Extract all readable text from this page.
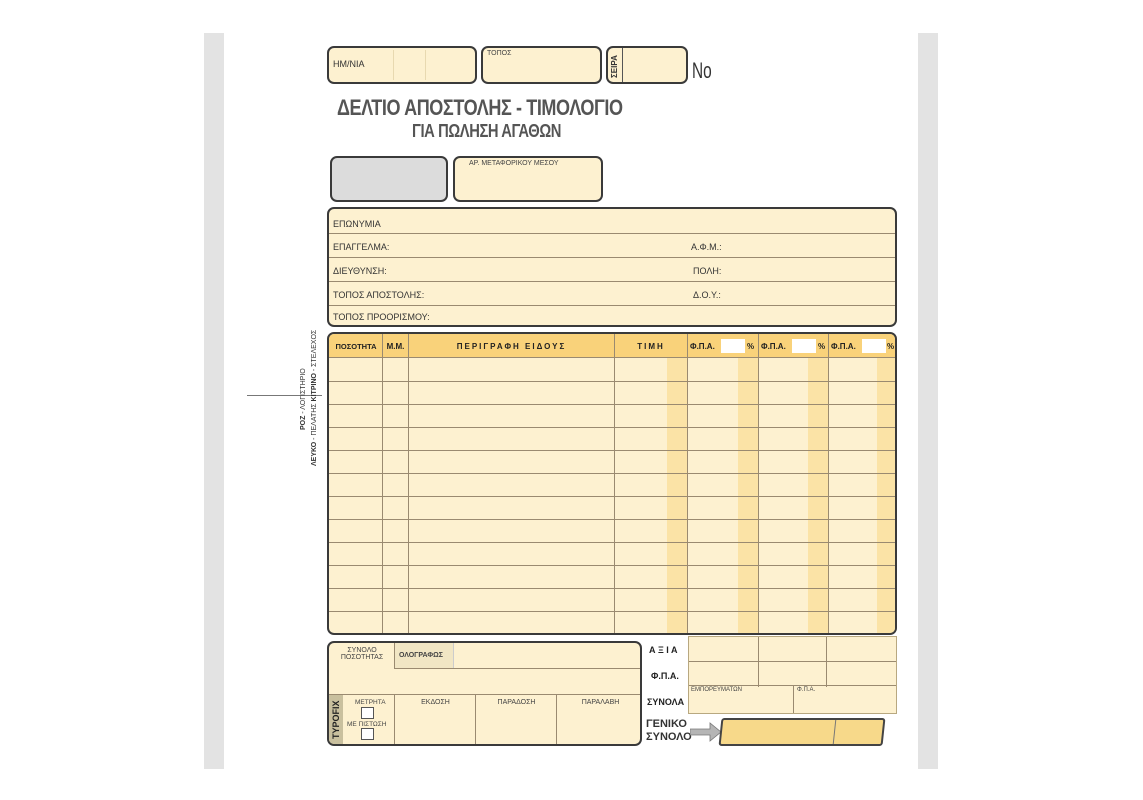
ΗΜ/ΝΙΑ
ΤΟΠΟΣ
ΣΕΙΡΑ	No
ΔΕΛΤΙΟ ΑΠΟΣΤΟΛΗΣ - ΤΙΜΟΛΟΓΙΟ
ΓΙΑ ΠΩΛΗΣΗ ΑΓΑΘΩΝ
ΑΡ. ΜΕΤΑΦΟΡΙΚΟΥ ΜΕΣΟΥ
ΕΠΩΝΥΜΙΑ
ΕΠΑΓΓΕΛΜΑ:	Α.Φ.Μ.:
ΔΙΕΥΘΥΝΣΗ:	ΠΟΛΗ:
ΤΟΠΟΣ ΑΠΟΣΤΟΛΗΣ:	Δ.Ο.Υ.:
ΤΟΠΟΣ ΠΡΟΟΡΙΣΜΟΥ:
ΡΟΖ - ΛΟΓΙΣΤΗΡΙΟ
ΛΕΥΚΟ - ΠΕΛΑΤΗΣ ΚΙΤΡΙΝΟ - ΣΤΕΛΕΧΟΣ	ΠΟΣΟΤΗΤΑ	Μ.Μ.	ΠΕΡΙΓΡΑΦΗ ΕΙΔΟΥΣ	ΤΙΜΗ	Φ.Π.Α.	% Φ.Π.Α.	% Φ.Π.Α.	%
TYPOFIX
ΣΥΝΟΛΟ ΠΟΣΟΤΗΤΑΣ	ΟΛΟΓΡΑΦΩΣ
ΜΕΤΡΗΤΑ
ΜΕ ΠΙΣΤΩΣΗ
ΕΚΔΟΣΗ	ΠΑΡΑΔΟΣΗ	ΠΑΡΑΛΑΒΗ
Α Ξ Ι Α
Φ.Π.Α.
ΣΥΝΟΛΑ
ΕΜΠΟΡΕΥΜΑΤΩΝ	Φ.Π.Α.
ΓΕΝΙΚΟ
ΣΥΝΟΛΟ
